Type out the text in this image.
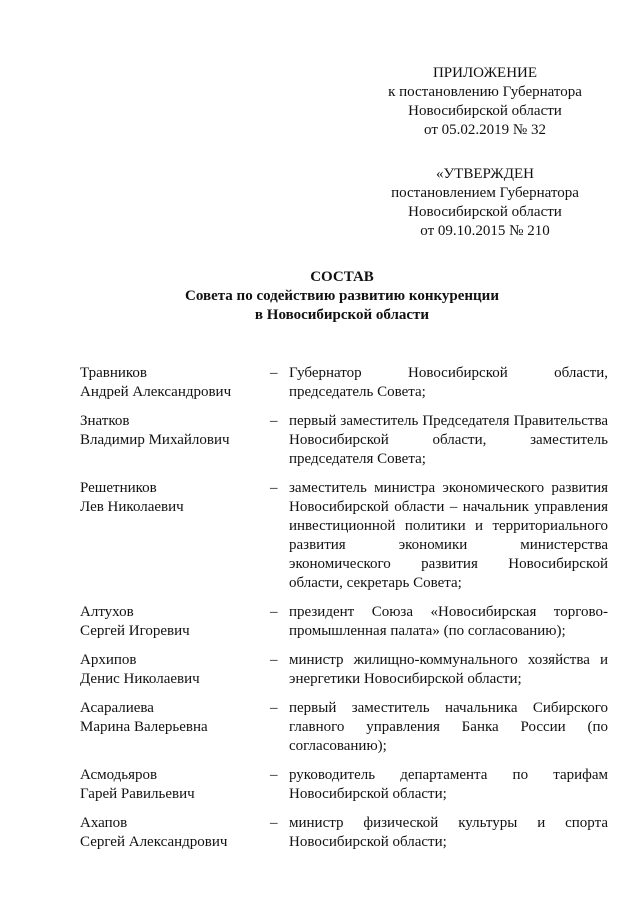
ПРИЛОЖЕНИЕ
к постановлению Губернатора
Новосибирской области
от 05.02.2019 № 32
«УТВЕРЖДЕН
постановлением Губернатора
Новосибирской области
от 09.10.2015 № 210
СОСТАВ
Совета по содействию развитию конкуренции
в Новосибирской области
Травников
Андрей Александрович
– Губернатор Новосибирской области, председатель Совета;
Знатков
Владимир Михайлович
– первый заместитель Председателя Правительства Новосибирской области, заместитель председателя Совета;
Решетников
Лев Николаевич
– заместитель министра экономического развития Новосибирской области – начальник управления инвестиционной политики и территориального развития экономики министерства экономического развития Новосибирской области, секретарь Совета;
Алтухов
Сергей Игоревич
– президент Союза «Новосибирская торгово-промышленная палата» (по согласованию);
Архипов
Денис Николаевич
– министр жилищно-коммунального хозяйства и энергетики Новосибирской области;
Асаралиева
Марина Валерьевна
– первый заместитель начальника Сибирского главного управления Банка России (по согласованию);
Асмодьяров
Гарей Равильевич
– руководитель департамента по тарифам Новосибирской области;
Ахапов
Сергей Александрович
– министр физической культуры и спорта Новосибирской области;
